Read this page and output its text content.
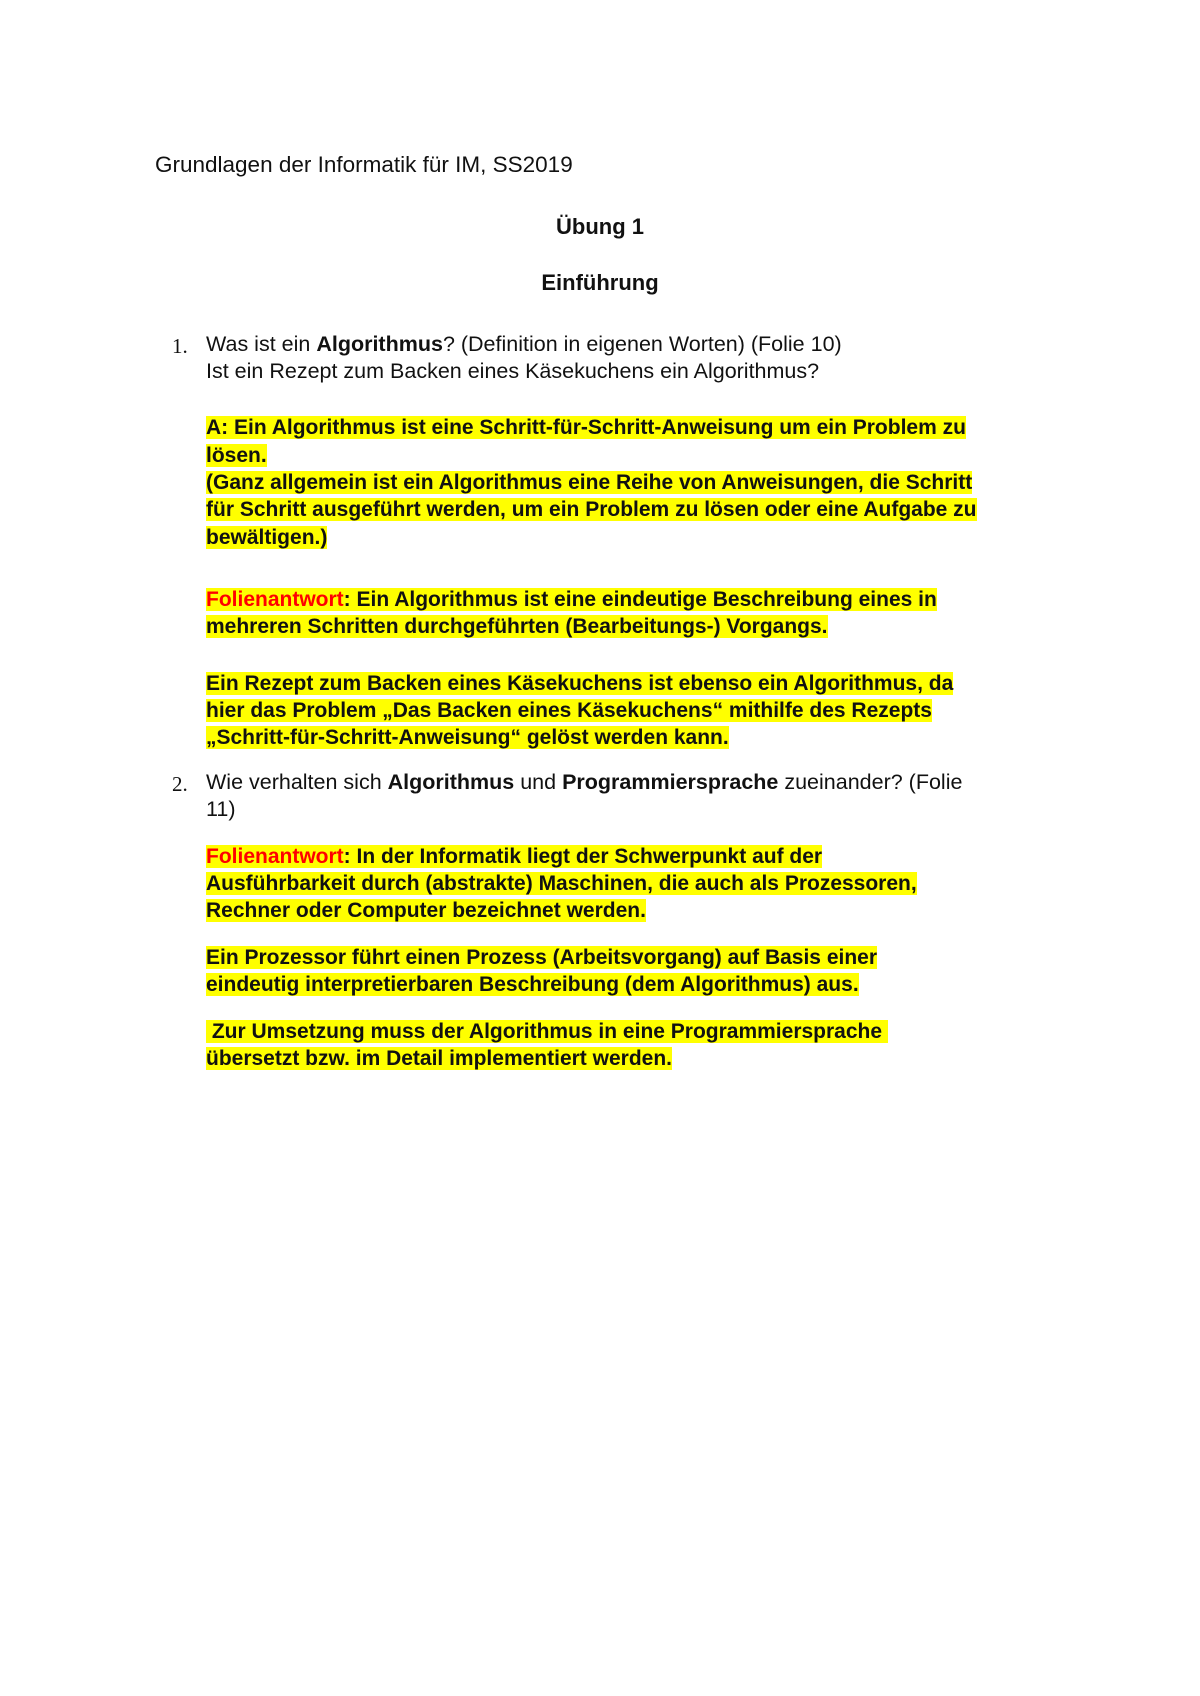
Grundlagen der Informatik für IM, SS2019
Übung 1
Einführung
1. Was ist ein Algorithmus? (Definition in eigenen Worten) (Folie 10)
Ist ein Rezept zum Backen eines Käsekuchens ein Algorithmus?
A: Ein Algorithmus ist eine Schritt-für-Schritt-Anweisung um ein Problem zu
lösen.
(Ganz allgemein ist ein Algorithmus eine Reihe von Anweisungen, die Schritt
für Schritt ausgeführt werden, um ein Problem zu lösen oder eine Aufgabe zu
bewältigen.)
Folienantwort: Ein Algorithmus ist eine eindeutige Beschreibung eines in
mehreren Schritten durchgeführten (Bearbeitungs-) Vorgangs.
Ein Rezept zum Backen eines Käsekuchens ist ebenso ein Algorithmus, da
hier das Problem „Das Backen eines Käsekuchens“ mithilfe des Rezepts
„Schritt-für-Schritt-Anweisung“ gelöst werden kann.
2. Wie verhalten sich Algorithmus und Programmiersprache zueinander? (Folie
11)
Folienantwort: In der Informatik liegt der Schwerpunkt auf der
Ausführbarkeit durch (abstrakte) Maschinen, die auch als Prozessoren,
Rechner oder Computer bezeichnet werden.
Ein Prozessor führt einen Prozess (Arbeitsvorgang) auf Basis einer
eindeutig interpretierbaren Beschreibung (dem Algorithmus) aus.
Zur Umsetzung muss der Algorithmus in eine Programmiersprache
übersetzt bzw. im Detail implementiert werden.
